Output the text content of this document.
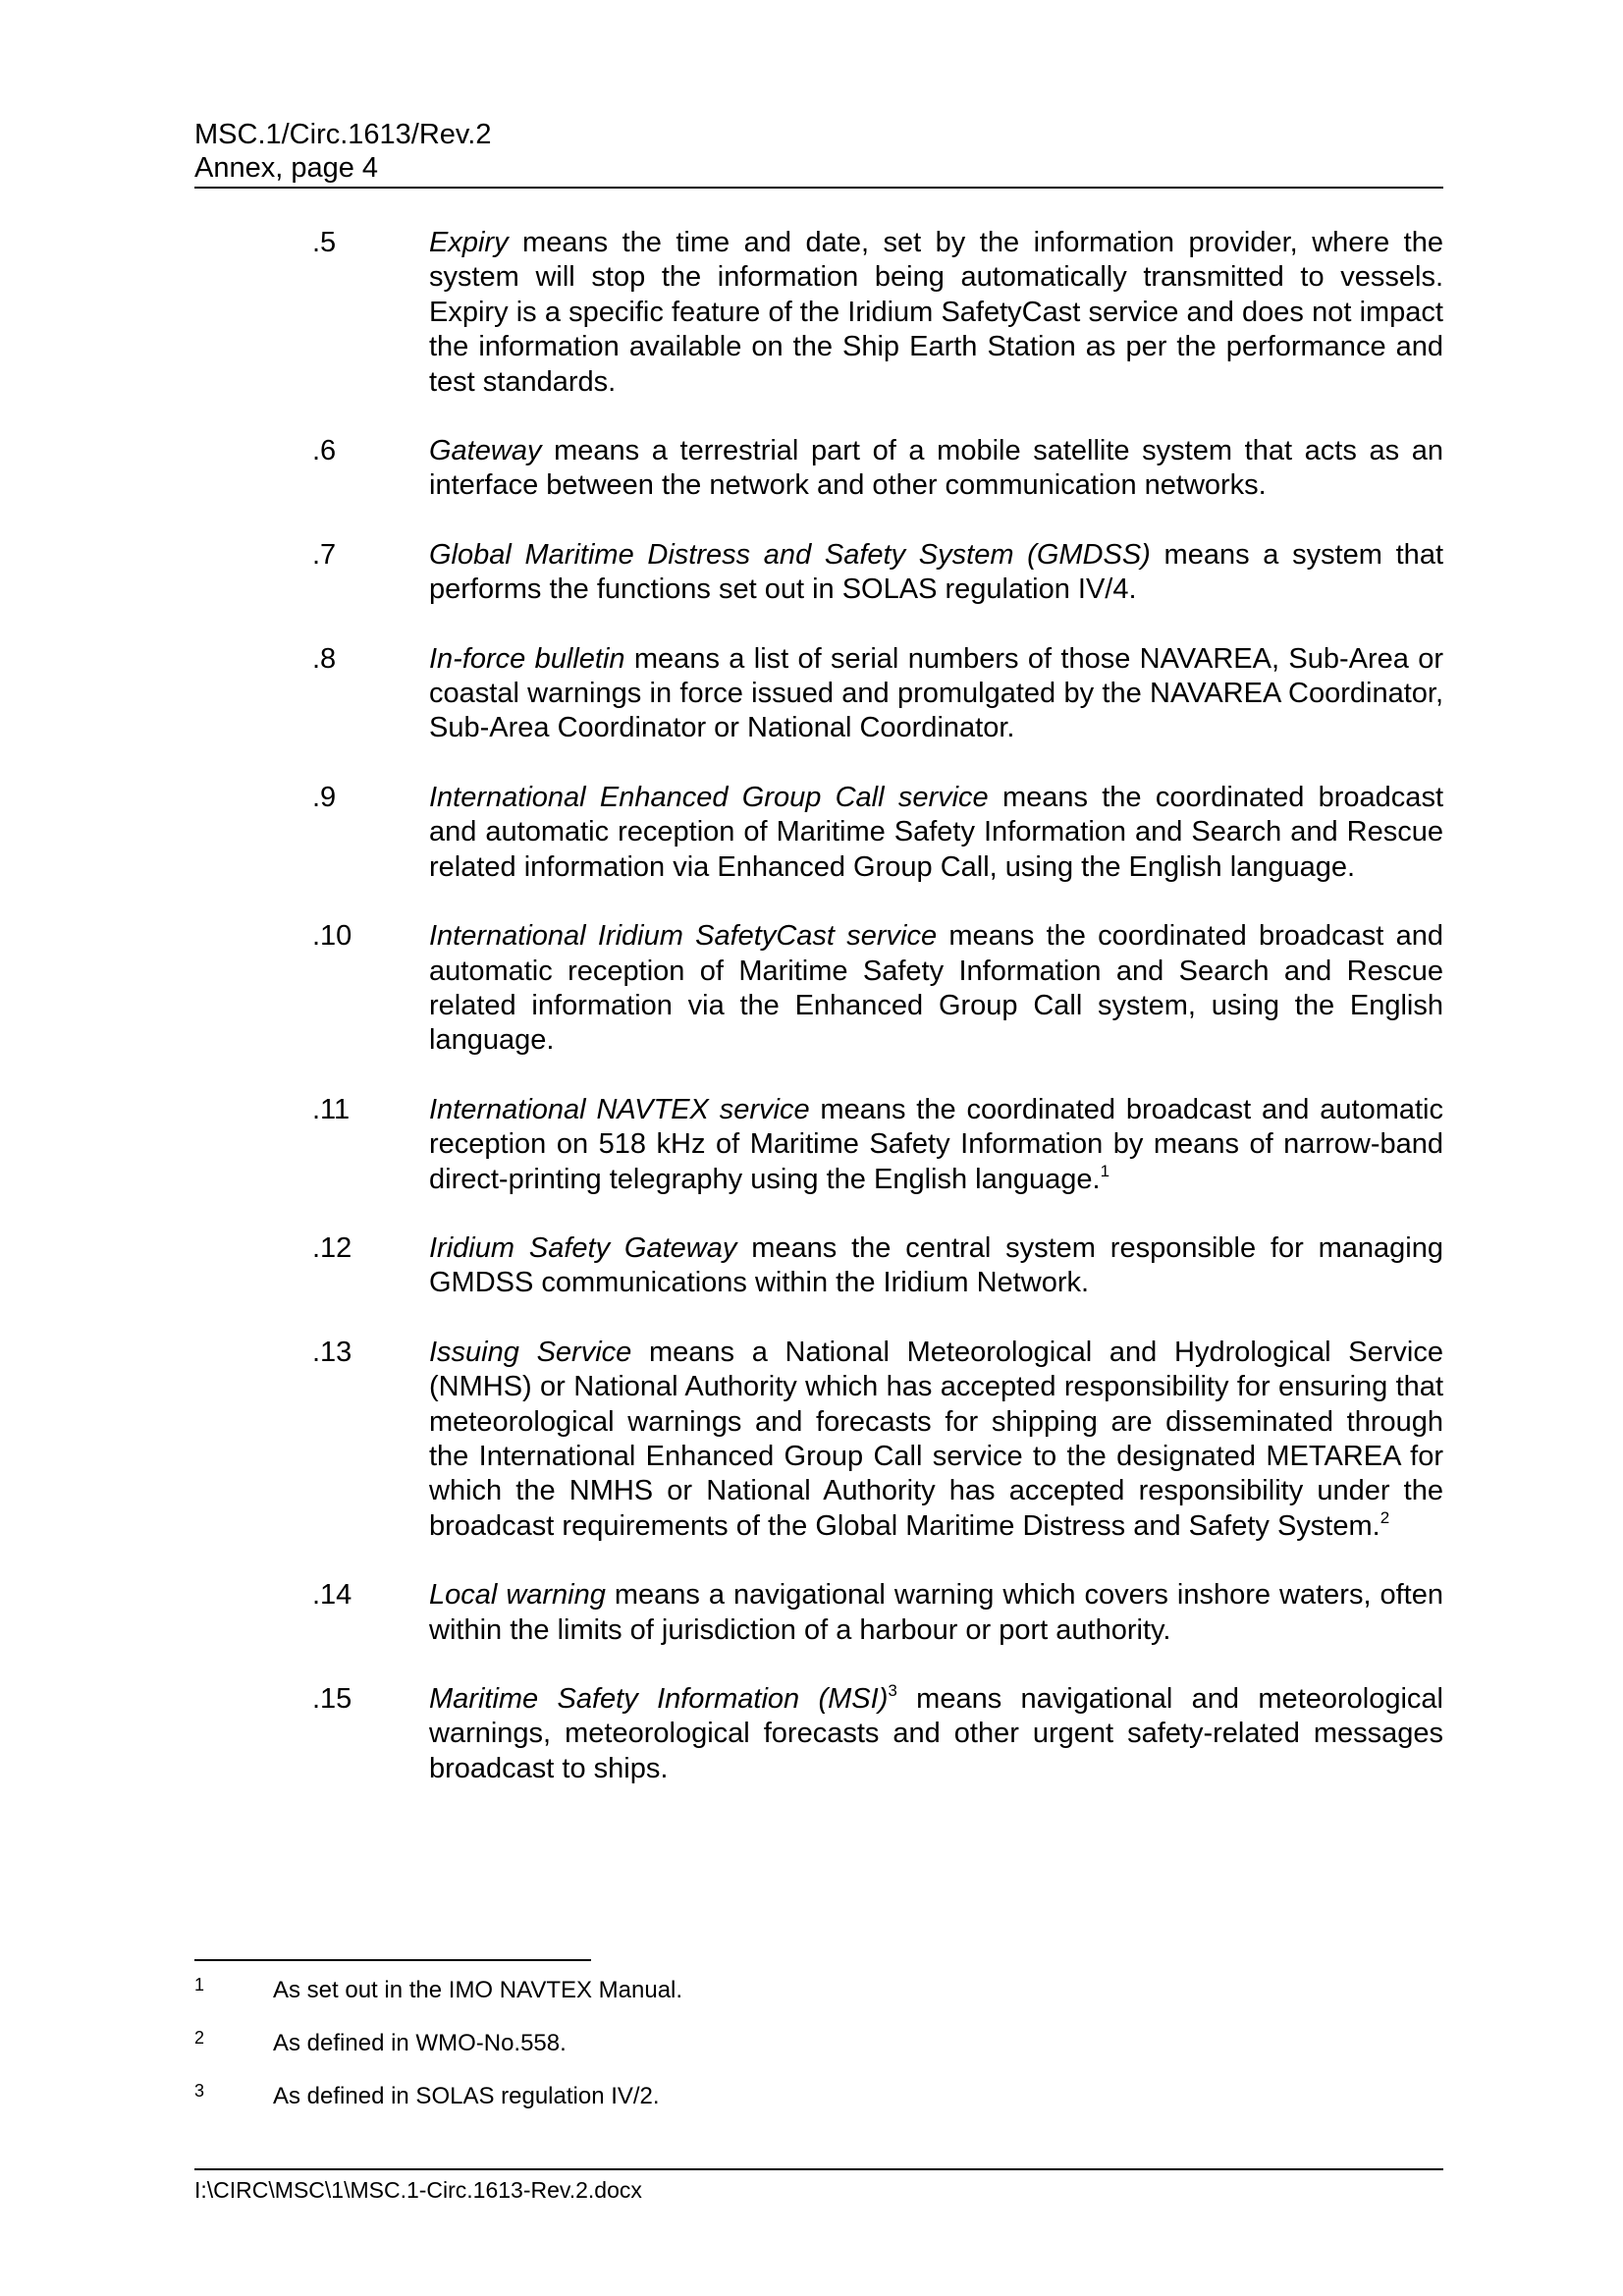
MSC.1/Circ.1613/Rev.2
Annex, page 4
.5	Expiry means the time and date, set by the information provider, where the system will stop the information being automatically transmitted to vessels. Expiry is a specific feature of the Iridium SafetyCast service and does not impact the information available on the Ship Earth Station as per the performance and test standards.
.6	Gateway means a terrestrial part of a mobile satellite system that acts as an interface between the network and other communication networks.
.7	Global Maritime Distress and Safety System (GMDSS) means a system that performs the functions set out in SOLAS regulation IV/4.
.8	In-force bulletin means a list of serial numbers of those NAVAREA, Sub-Area or coastal warnings in force issued and promulgated by the NAVAREA Coordinator, Sub-Area Coordinator or National Coordinator.
.9	International Enhanced Group Call service means the coordinated broadcast and automatic reception of Maritime Safety Information and Search and Rescue related information via Enhanced Group Call, using the English language.
.10	International Iridium SafetyCast service means the coordinated broadcast and automatic reception of Maritime Safety Information and Search and Rescue related information via the Enhanced Group Call system, using the English language.
.11	International NAVTEX service means the coordinated broadcast and automatic reception on 518 kHz of Maritime Safety Information by means of narrow-band direct-printing telegraphy using the English language.$^1$
.12	Iridium Safety Gateway means the central system responsible for managing GMDSS communications within the Iridium Network.
.13	Issuing Service means a National Meteorological and Hydrological Service (NMHS) or National Authority which has accepted responsibility for ensuring that meteorological warnings and forecasts for shipping are disseminated through the International Enhanced Group Call service to the designated METAREA for which the NMHS or National Authority has accepted responsibility under the broadcast requirements of the Global Maritime Distress and Safety System.$^2$
.14	Local warning means a navigational warning which covers inshore waters, often within the limits of jurisdiction of a harbour or port authority.
.15	Maritime Safety Information (MSI)$^3$ means navigational and meteorological warnings, meteorological forecasts and other urgent safety-related messages broadcast to ships.
1	As set out in the IMO NAVTEX Manual.
2	As defined in WMO-No.558.
3	As defined in SOLAS regulation IV/2.
I:\CIRC\MSC\1\MSC.1-Circ.1613-Rev.2.docx
